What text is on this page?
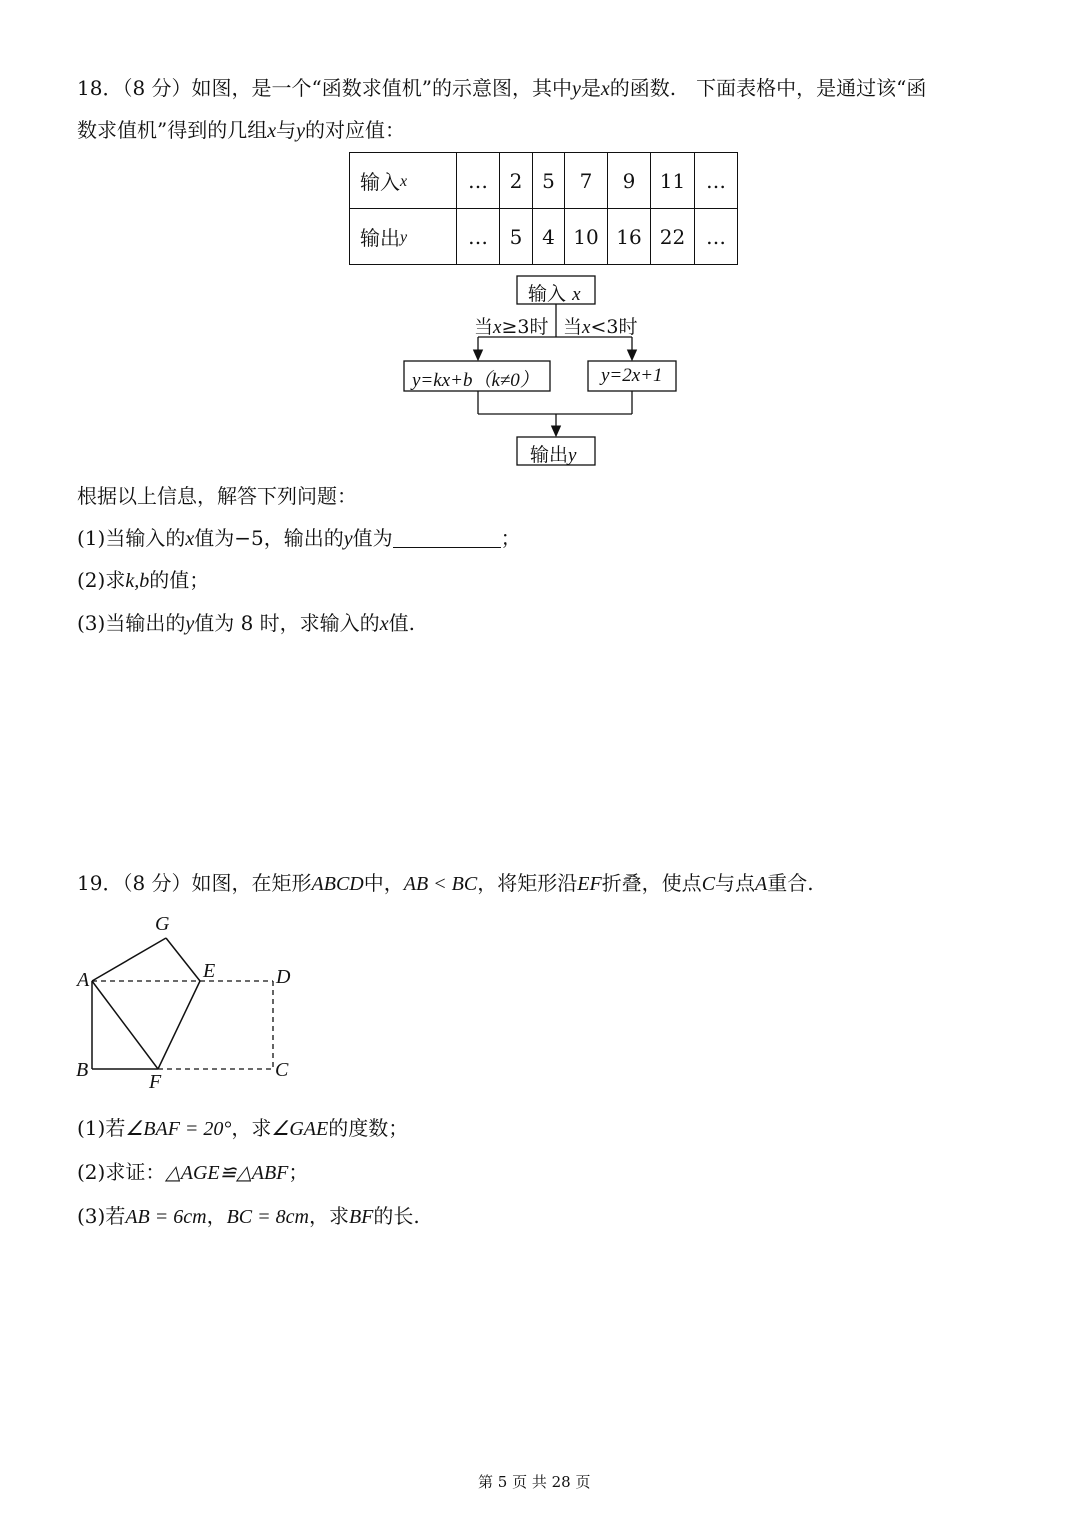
18．（8 分）如图，是一个“函数求值机”的示意图，其中y是x的函数.　下面表格中，是通过该“函
数求值机”得到的几组x与y的对应值：
输入x	…	2	5	7	9	11	…
输出y	…	5	4	10	16	22	…
输入 x
当x≥3时 当x<3时
y=kx+b（k≠0）	y=2x+1
输出y
根据以上信息，解答下列问题：
(1)当输入的x值为−5，输出的y值为	；
(2)求k,b的值；
(3)当输出的y值为 8 时，求输入的x值.
19．（8 分）如图，在矩形ABCD中，AB < BC，将矩形沿EF折叠，使点C与点A重合.
G
A	E	D
B
F
C
(1)若∠BAF = 20°，求∠GAE的度数；
(2)求证：△AGE≌△ABF；
(3)若AB = 6cm，BC = 8cm，求BF的长.
第 5 页 共 28 页
